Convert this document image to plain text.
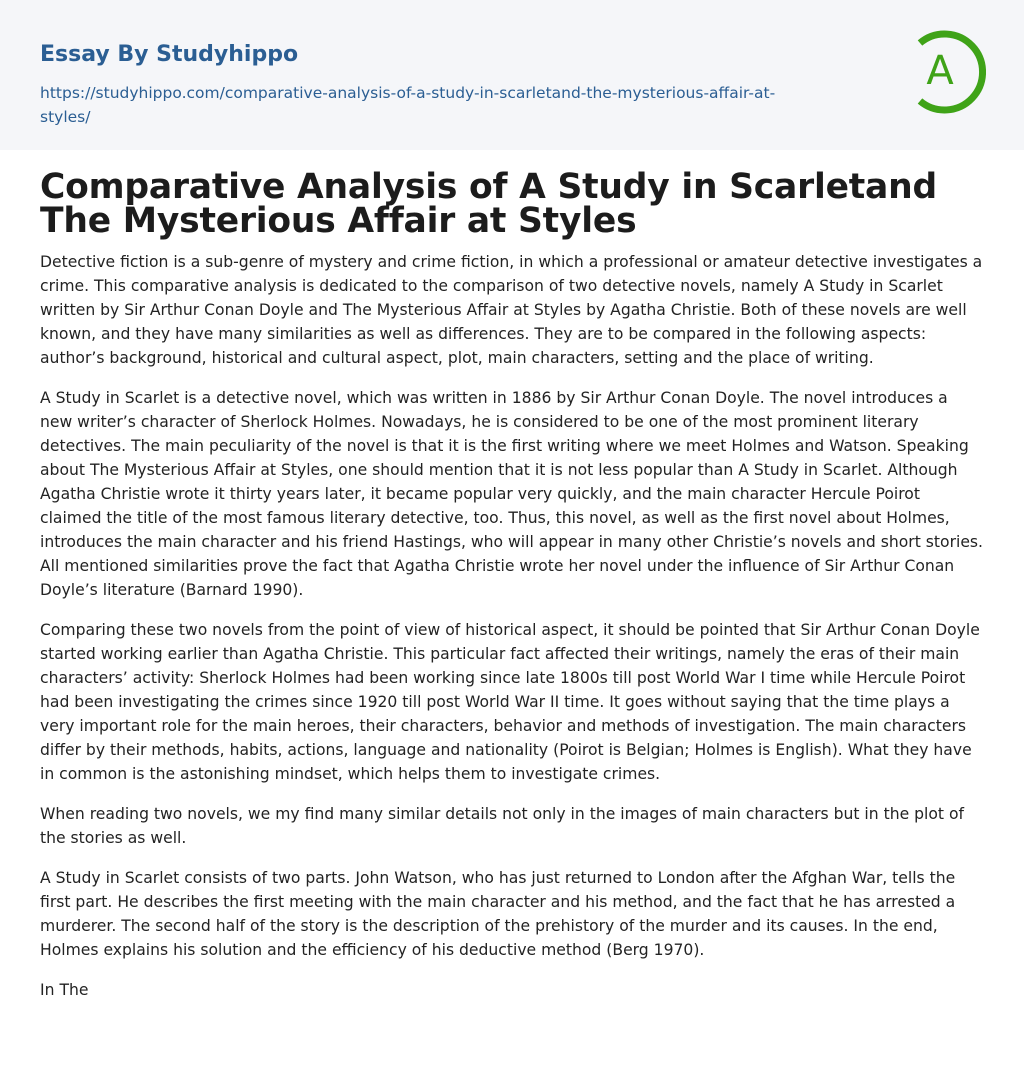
Essay By Studyhippo
https://studyhippo.com/comparative-analysis-of-a-study-in-scarletand-the-mysterious-affair-at-styles/
A
Comparative Analysis of A Study in Scarletand The Mysterious Affair at Styles

Detective fiction is a sub-genre of mystery and crime fiction, in which a professional or amateur detective investigates a crime. This comparative analysis is dedicated to the comparison of two detective novels, namely A Study in Scarlet written by Sir Arthur Conan Doyle and The Mysterious Affair at Styles by Agatha Christie. Both of these novels are well known, and they have many similarities as well as differences. They are to be compared in the following aspects: author’s background, historical and cultural aspect, plot, main characters, setting and the place of writing.

A Study in Scarlet is a detective novel, which was written in 1886 by Sir Arthur Conan Doyle. The novel introduces a new writer’s character of Sherlock Holmes. Nowadays, he is considered to be one of the most prominent literary detectives. The main peculiarity of the novel is that it is the first writing where we meet Holmes and Watson. Speaking about The Mysterious Affair at Styles, one should mention that it is not less popular than A Study in Scarlet. Although Agatha Christie wrote it thirty years later, it became popular very quickly, and the main character Hercule Poirot claimed the title of the most famous literary detective, too. Thus, this novel, as well as the first novel about Holmes, introduces the main character and his friend Hastings, who will appear in many other Christie’s novels and short stories. All mentioned similarities prove the fact that Agatha Christie wrote her novel under the influence of Sir Arthur Conan Doyle’s literature (Barnard 1990).

Comparing these two novels from the point of view of historical aspect, it should be pointed that Sir Arthur Conan Doyle started working earlier than Agatha Christie. This particular fact affected their writings, namely the eras of their main characters’ activity: Sherlock Holmes had been working since late 1800s till post World War I time while Hercule Poirot had been investigating the crimes since 1920 till post World War II time. It goes without saying that the time plays a very important role for the main heroes, their characters, behavior and methods of investigation. The main characters differ by their methods, habits, actions, language and nationality (Poirot is Belgian; Holmes is English). What they have in common is the astonishing mindset, which helps them to investigate crimes.

When reading two novels, we my find many similar details not only in the images of main characters but in the plot of the stories as well.

A Study in Scarlet consists of two parts. John Watson, who has just returned to London after the Afghan War, tells the first part. He describes the first meeting with the main character and his method, and the fact that he has arrested a murderer. The second half of the story is the description of the prehistory of the murder and its causes. In the end, Holmes explains his solution and the efficiency of his deductive method (Berg 1970).

In The
